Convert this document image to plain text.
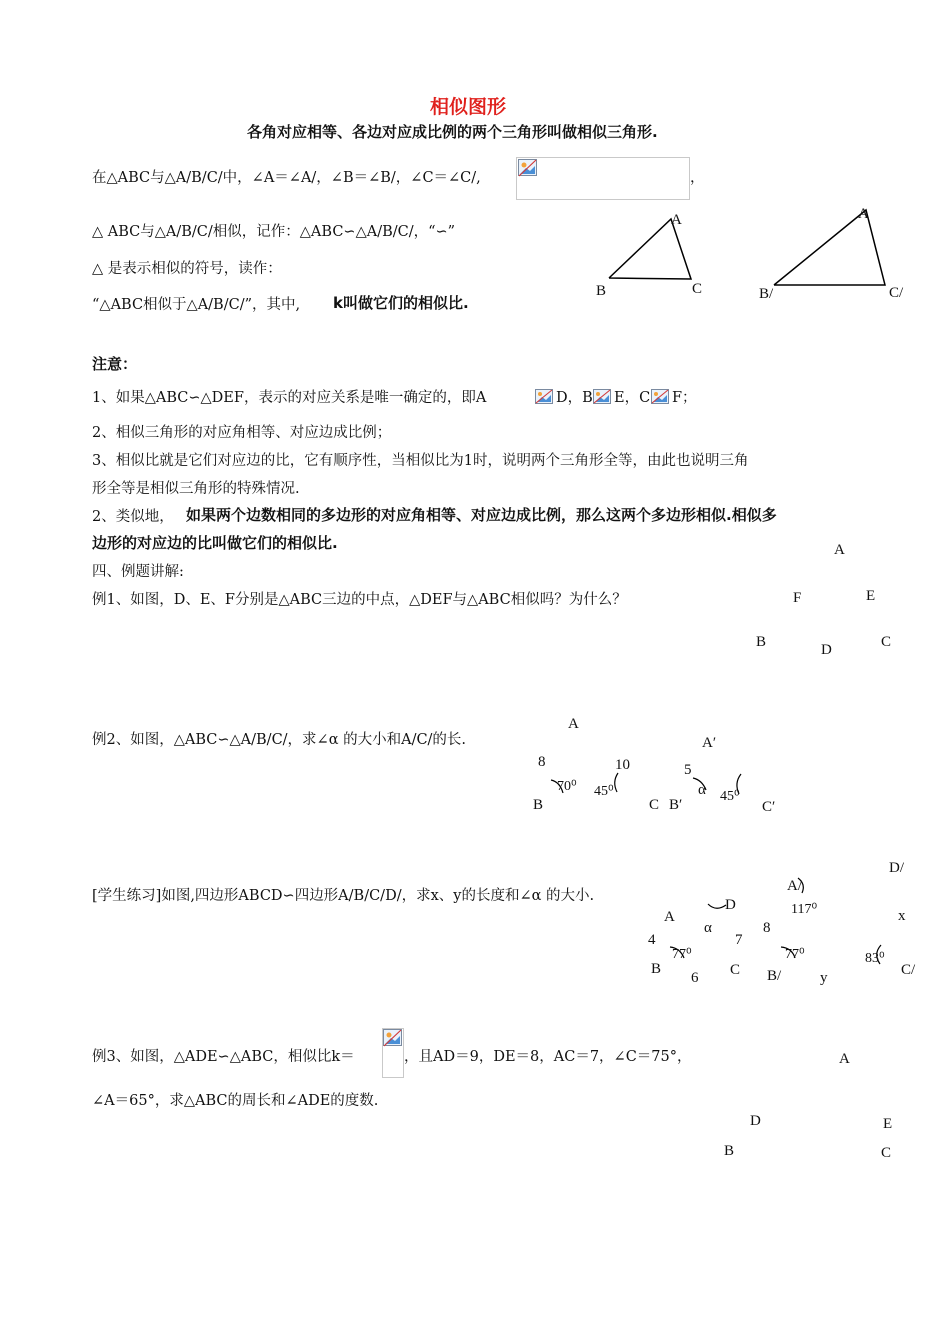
相似图形
各角对应相等、各边对应成比例的两个三角形叫做相似三角形.
在△ABC与△A/B/C/中，∠A＝∠A/，∠B＝∠B/，∠C＝∠C/,	，
△ ABC与△A/B/C/相似，记作：△ABC∽△A/B/C/，“∽”
△ 是表示相似的符号，读作：
“△ABC相似于△A/B/C/”，其中, k叫做它们的相似比.
A
B	C
A
B/	C/
注意：
1、如果△ABC∽△DEF，表示的对应关系是唯一确定的，即A	D，B E，C F；
2、相似三角形的对应角相等、对应边成比例；
3、相似比就是它们对应边的比，它有顺序性，当相似比为1时，说明两个三角形全等，由此也说明三角
形全等是相似三角形的特殊情况.
2、类似地， 如果两个边数相同的多边形的对应角相等、对应边成比例，那么这两个多边形相似.相似多
边形的对应边的比叫做它们的相似比.
四、例题讲解:
例1、如图，D、E、F分别是△ABC三边的中点，△DEF与△ABC相似吗？为什么？
A
F	E
B	D	C
例2、如图，△ABC∽△A/B/C/，求∠α 的大小和A/C/的长.
A
8	10
70⁰ 45⁰
B	C
A′
5
α 45⁰
B′	C′
[学生练习]如图,四边形ABCD∽四边形A/B/C/D/，求x、y的长度和∠α 的大小.
A
D
α
4	7
77⁰
B
6 C
A/
D/
117⁰	x
8
77⁰	83⁰
B/	y	C/
例3、如图，△ADE∽△ABC，相似比k＝	，且AD＝9，DE＝8，AC＝7，∠C＝75°，
∠A＝65°，求△ABC的周长和∠ADE的度数.
A
D	E
B	C
